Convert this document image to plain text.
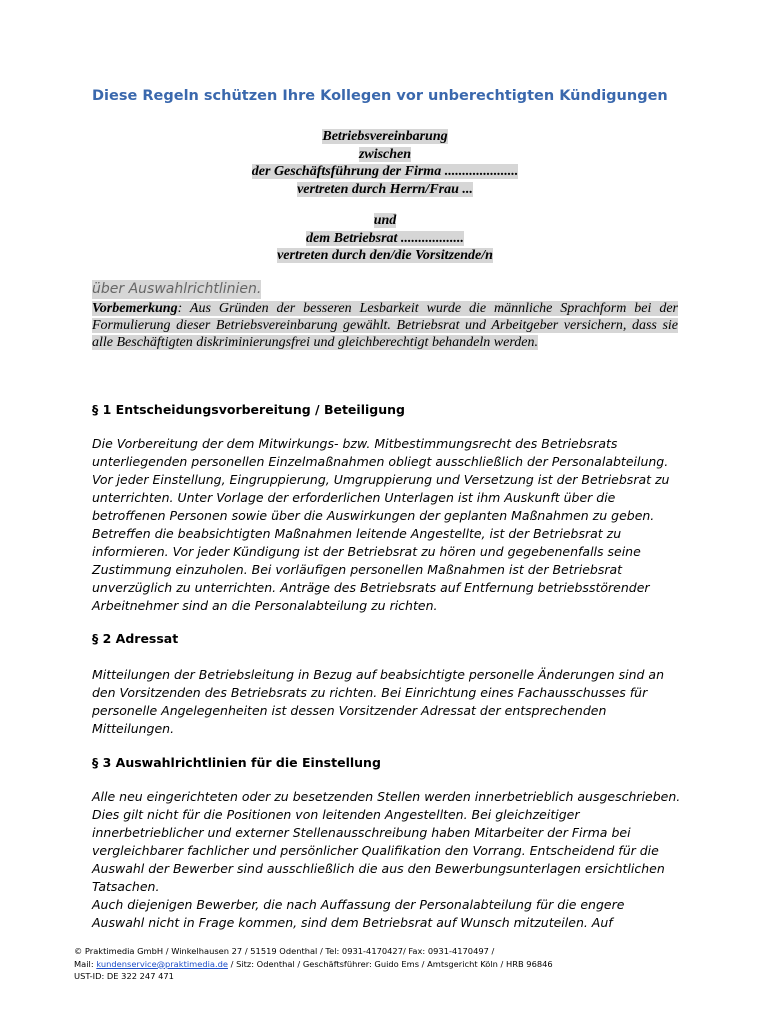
Diese Regeln schützen Ihre Kollegen vor unberechtigten Kündigungen
Betriebsvereinbarung
zwischen
der Geschäftsführung der Firma .....................
vertreten durch Herrn/Frau ...
und
dem Betriebsrat ..................
vertreten durch den/die Vorsitzende/n
über Auswahlrichtlinien.
Vorbemerkung: Aus Gründen der besseren Lesbarkeit wurde die männliche Sprachform bei der Formulierung dieser Betriebsvereinbarung gewählt. Betriebsrat und Arbeitgeber versichern, dass sie alle Beschäftigten diskriminierungsfrei und gleichberechtigt behandeln werden.
§ 1 Entscheidungsvorbereitung / Beteiligung
Die Vorbereitung der dem Mitwirkungs- bzw. Mitbestimmungsrecht des Betriebsrats
unterliegenden personellen Einzelmaßnahmen obliegt ausschließlich der Personalabteilung.
Vor jeder Einstellung, Eingruppierung, Umgruppierung und Versetzung ist der Betriebsrat zu
unterrichten. Unter Vorlage der erforderlichen Unterlagen ist ihm Auskunft über die
betroffenen Personen sowie über die Auswirkungen der geplanten Maßnahmen zu geben.
Betreffen die beabsichtigten Maßnahmen leitende Angestellte, ist der Betriebsrat zu
informieren. Vor jeder Kündigung ist der Betriebsrat zu hören und gegebenenfalls seine
Zustimmung einzuholen. Bei vorläufigen personellen Maßnahmen ist der Betriebsrat
unverzüglich zu unterrichten. Anträge des Betriebsrats auf Entfernung betriebsstörender
Arbeitnehmer sind an die Personalabteilung zu richten.
§ 2 Adressat
Mitteilungen der Betriebsleitung in Bezug auf beabsichtigte personelle Änderungen sind an
den Vorsitzenden des Betriebsrats zu richten. Bei Einrichtung eines Fachausschusses für
personelle Angelegenheiten ist dessen Vorsitzender Adressat der entsprechenden
Mitteilungen.
§ 3 Auswahlrichtlinien für die Einstellung
Alle neu eingerichteten oder zu besetzenden Stellen werden innerbetrieblich ausgeschrieben.
Dies gilt nicht für die Positionen von leitenden Angestellten. Bei gleichzeitiger
innerbetrieblicher und externer Stellenausschreibung haben Mitarbeiter der Firma bei
vergleichbarer fachlicher und persönlicher Qualifikation den Vorrang. Entscheidend für die
Auswahl der Bewerber sind ausschließlich die aus den Bewerbungsunterlagen ersichtlichen
Tatsachen.
Auch diejenigen Bewerber, die nach Auffassung der Personalabteilung für die engere
Auswahl nicht in Frage kommen, sind dem Betriebsrat auf Wunsch mitzuteilen. Auf
© Praktimedia GmbH / Winkelhausen 27 / 51519 Odenthal / Tel: 0931-4170427/ Fax: 0931-4170497 /
Mail: kundenservice@praktimedia.de / Sitz: Odenthal / Geschäftsführer: Guido Ems / Amtsgericht Köln / HRB 96846
UST-ID: DE 322 247 471
